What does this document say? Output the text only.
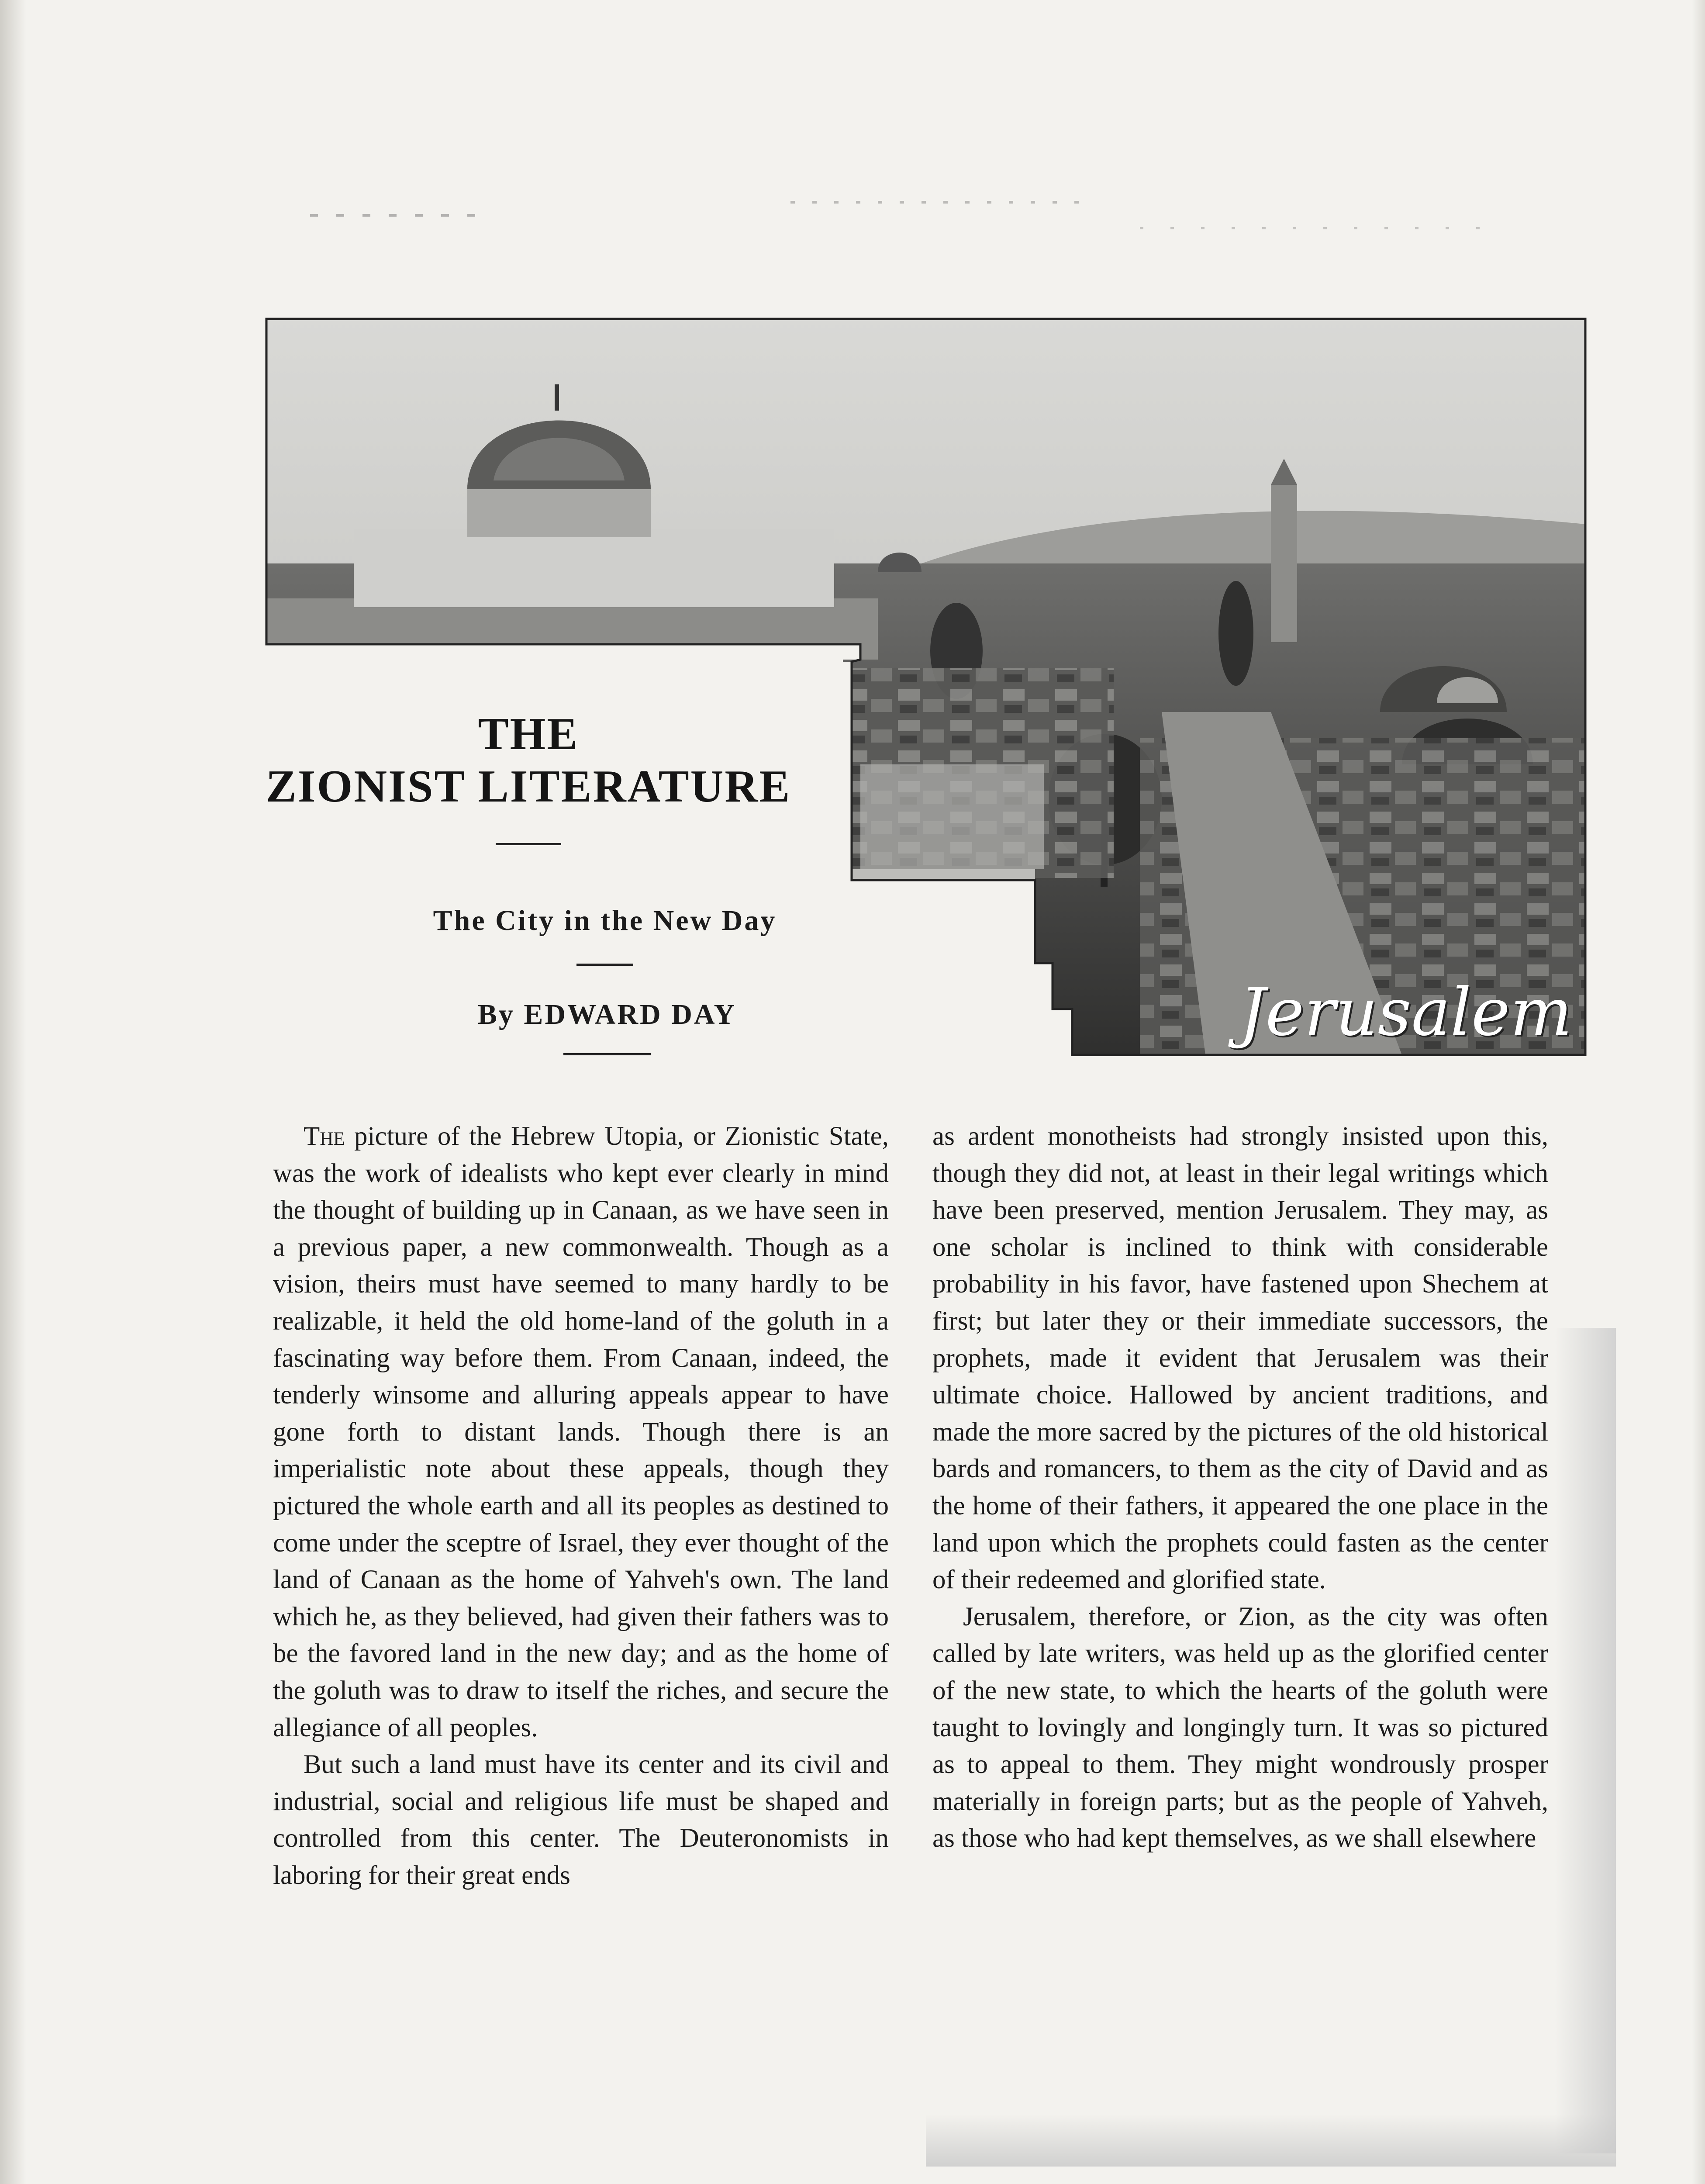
Jerusalem
THE
ZIONIST LITERATURE
The City in the New Day
By EDWARD DAY

The picture of the Hebrew Utopia, or Zionistic State, was the work of idealists who kept ever clearly in mind the thought of building up in Canaan, as we have seen in a previous paper, a new commonwealth. Though as a vision, theirs must have seemed to many hardly to be realizable, it held the old home-land of the goluth in a fascinating way before them. From Canaan, indeed, the tenderly winsome and alluring appeals appear to have gone forth to distant lands. Though there is an imperialistic note about these appeals, though they pictured the whole earth and all its peoples as destined to come under the sceptre of Israel, they ever thought of the land of Canaan as the home of Yahveh's own. The land which he, as they believed, had given their fathers was to be the favored land in the new day; and as the home of the goluth was to draw to itself the riches, and secure the allegiance of all peoples.

But such a land must have its center and its civil and industrial, social and religious life must be shaped and controlled from this center. The Deuteronomists in laboring for their great ends

as ardent monotheists had strongly insisted upon this, though they did not, at least in their legal writings which have been preserved, mention Jerusalem. They may, as one scholar is inclined to think with considerable probability in his favor, have fastened upon Shechem at first; but later they or their immediate successors, the prophets, made it evident that Jerusalem was their ultimate choice. Hallowed by ancient traditions, and made the more sacred by the pictures of the old historical bards and romancers, to them as the city of David and as the home of their fathers, it appeared the one place in the land upon which the prophets could fasten as the center of their redeemed and glorified state.

Jerusalem, therefore, or Zion, as the city was often called by late writers, was held up as the glorified center of the new state, to which the hearts of the goluth were taught to lovingly and longingly turn. It was so pictured as to appeal to them. They might wondrously prosper materially in foreign parts; but as the people of Yahveh, as those who had kept themselves, as we shall elsewhere
